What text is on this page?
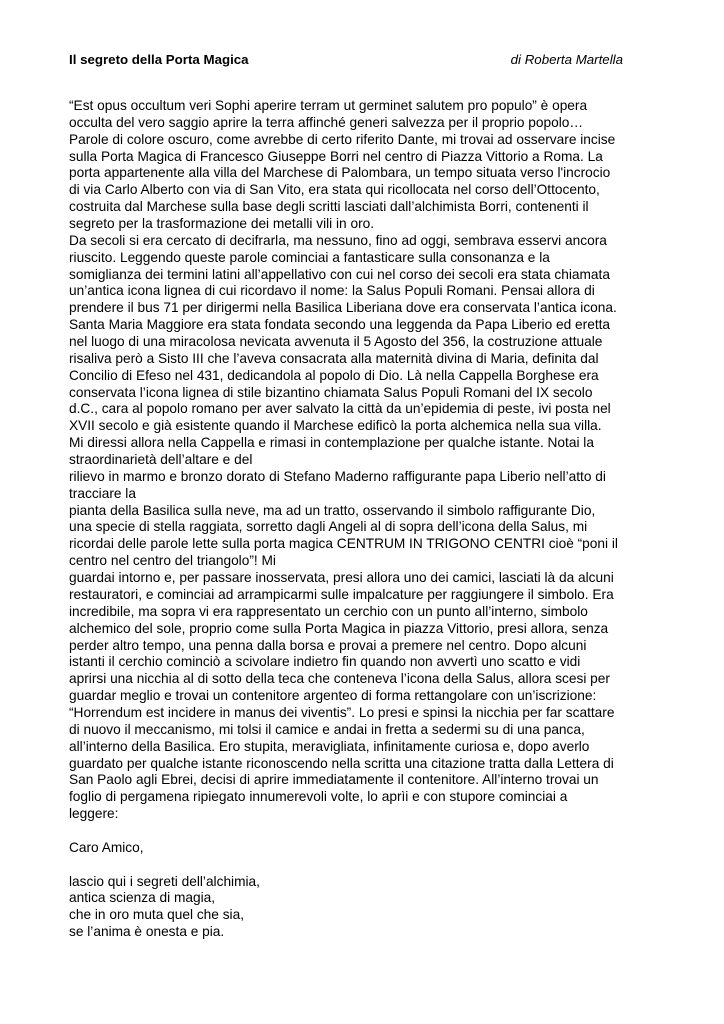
Il segreto della Porta Magica	di Roberta Martella
“Est opus occultum veri Sophi aperire terram ut germinet salutem pro populo” è opera
occulta del vero saggio aprire la terra affinché generi salvezza per il proprio popolo…
Parole di colore oscuro, come avrebbe di certo riferito Dante, mi trovai ad osservare incise
sulla Porta Magica di Francesco Giuseppe Borri nel centro di Piazza Vittorio a Roma. La
porta appartenente alla villa del Marchese di Palombara, un tempo situata verso l'incrocio
di via Carlo Alberto con via di San Vito, era stata qui ricollocata nel corso dell’Ottocento,
costruita dal Marchese sulla base degli scritti lasciati dall’alchimista Borri, contenenti il
segreto per la trasformazione dei metalli vili in oro.
Da secoli si era cercato di decifrarla, ma nessuno, fino ad oggi, sembrava esservi ancora
riuscito. Leggendo queste parole cominciai a fantasticare sulla consonanza e la
somiglianza dei termini latini all’appellativo con cui nel corso dei secoli era stata chiamata
un’antica icona lignea di cui ricordavo il nome: la Salus Populi Romani. Pensai allora di
prendere il bus 71 per dirigermi nella Basilica Liberiana dove era conservata l’antica icona.
Santa Maria Maggiore era stata fondata secondo una leggenda da Papa Liberio ed eretta
nel luogo di una miracolosa nevicata avvenuta il 5 Agosto del 356, la costruzione attuale
risaliva però a Sisto III che l’aveva consacrata alla maternità divina di Maria, definita dal
Concilio di Efeso nel 431, dedicandola al popolo di Dio. Là nella Cappella Borghese era
conservata l’icona lignea di stile bizantino chiamata Salus Populi Romani del IX secolo
d.C., cara al popolo romano per aver salvato la città da un’epidemia di peste, ivi posta nel
XVII secolo e già esistente quando il Marchese edificò la porta alchemica nella sua villa.
Mi diressi allora nella Cappella e rimasi in contemplazione per qualche istante. Notai la
straordinarietà dell’altare e del
rilievo in marmo e bronzo dorato di Stefano Maderno raffigurante papa Liberio nell’atto di
tracciare la
pianta della Basilica sulla neve, ma ad un tratto, osservando il simbolo raffigurante Dio,
una specie di stella raggiata, sorretto dagli Angeli al di sopra dell’icona della Salus, mi
ricordai delle parole lette sulla porta magica CENTRUM IN TRIGONO CENTRI cioè “poni il
centro nel centro del triangolo”! Mi
guardai intorno e, per passare inosservata, presi allora uno dei camici, lasciati là da alcuni
restauratori, e cominciai ad arrampicarmi sulle impalcature per raggiungere il simbolo. Era
incredibile, ma sopra vi era rappresentato un cerchio con un punto all’interno, simbolo
alchemico del sole, proprio come sulla Porta Magica in piazza Vittorio, presi allora, senza
perder altro tempo, una penna dalla borsa e provai a premere nel centro. Dopo alcuni
istanti il cerchio cominciò a scivolare indietro fin quando non avvertì uno scatto e vidi
aprirsi una nicchia al di sotto della teca che conteneva l’icona della Salus, allora scesi per
guardar meglio e trovai un contenitore argenteo di forma rettangolare con un’iscrizione:
“Horrendum est incidere in manus dei viventis”. Lo presi e spinsi la nicchia per far scattare
di nuovo il meccanismo, mi tolsi il camice e andai in fretta a sedermi su di una panca,
all’interno della Basilica. Ero stupita, meravigliata, infinitamente curiosa e, dopo averlo
guardato per qualche istante riconoscendo nella scritta una citazione tratta dalla Lettera di
San Paolo agli Ebrei, decisi di aprire immediatamente il contenitore. All’interno trovai un
foglio di pergamena ripiegato innumerevoli volte, lo aprìi e con stupore cominciai a
leggere:
Caro Amico,
lascio qui i segreti dell’alchimia,
antica scienza di magia,
che in oro muta quel che sia,
se l’anima è onesta e pia.
